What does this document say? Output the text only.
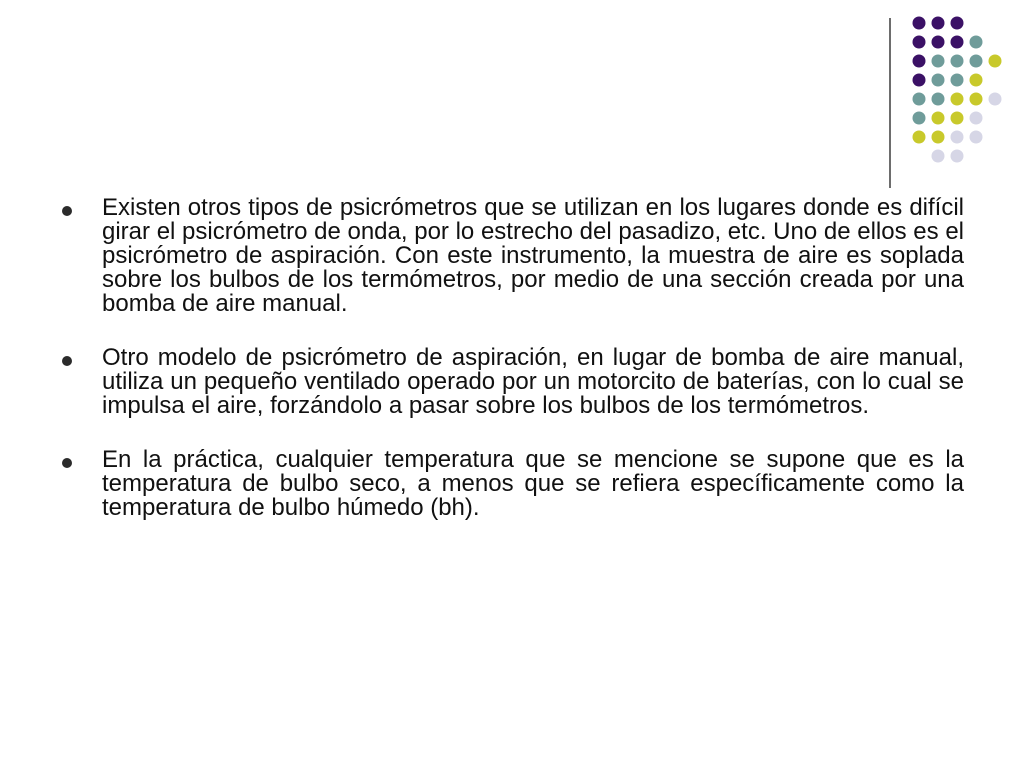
Existen otros tipos de psicrómetros que se utilizan en los lugares donde es difícil girar el psicrómetro de onda, por lo estrecho del pasadizo, etc. Uno de ellos es el psicrómetro de aspiración. Con este instrumento, la muestra de aire es soplada sobre los bulbos de los termómetros, por medio de una sección creada por una bomba de aire manual.
Otro modelo de psicrómetro de aspiración, en lugar de bomba de aire manual, utiliza un pequeño ventilado operado por un motorcito de baterías, con lo cual se impulsa el aire, forzándolo a pasar sobre los bulbos de los termómetros.
En la práctica, cualquier temperatura que se mencione se supone que es la temperatura de bulbo seco, a menos que se refiera específicamente como la temperatura de bulbo húmedo (bh).
